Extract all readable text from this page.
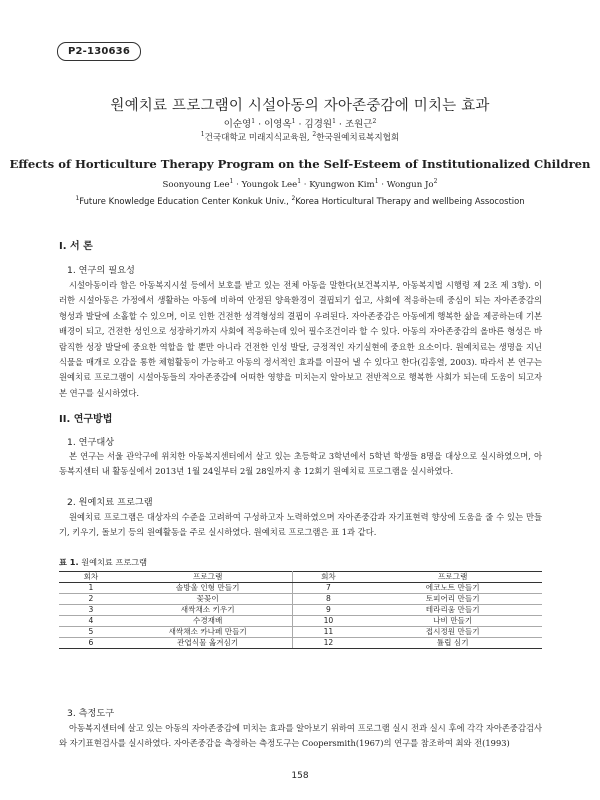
P2-130636
원예치료 프로그램이 시설아동의 자아존중감에 미치는 효과
이순영$^1$ · 이영옥$^1$ · 김경원$^1$ · 조원근$^2$
$^1$건국대학교 미래지식교육원, $^2$한국원예치료복지협회
Effects of Horticulture Therapy Program on the Self-Esteem of Institutionalized Children
Soonyoung Lee$^1$ · Youngok Lee$^1$ · Kyungwon Kim$^1$ · Wongun Jo$^2$
$^1$Future Knowledge Education Center Konkuk Univ., $^2$Korea Horticultural Therapy and wellbeing Assocostion
I. 서 론
1. 연구의 필요성
시설아동이라 함은 아동복지시설 등에서 보호를 받고 있는 전체 아동을 말한다(보건복지부, 아동복지법 시행령 제 2조 제 3항). 이러한 시설아동은 가정에서 생활하는 아동에 비하여 안정된 양육환경이 결핍되기 쉽고, 사회에 적응하는데 중심이 되는 자아존중감의 형성과 발달에 소홀할 수 있으며, 이로 인한 건전한 성격형성의 결핍이 우려된다. 자아존중감은 아동에게 행복한 삶을 제공하는데 기본 배경이 되고, 건전한 성인으로 성장하기까지 사회에 적응하는데 있어 필수조건이라 할 수 있다. 아동의 자아존중감의 올바른 형성은 바람직한 성장 발달에 중요한 역할을 할 뿐만 아니라 건전한 인성 발달, 긍정적인 자기실현에 중요한 요소이다. 원예치료는 생명을 지닌 식물을 매개로 오감을 통한 체험활동이 가능하고 아동의 정서적인 효과를 이끌어 낼 수 있다고 한다(김홍열, 2003). 따라서 본 연구는 원예치료 프로그램이 시설아동들의 자아존중감에 어떠한 영향을 미치는지 알아보고 전반적으로 행복한 사회가 되는데 도움이 되고자 본 연구를 실시하였다.
II. 연구방법
1. 연구대상
본 연구는 서울 관악구에 위치한 아동복지센터에서 살고 있는 초등학교 3학년에서 5학년 학생들 8명을 대상으로 실시하였으며, 아동복지센터 내 활동실에서 2013년 1월 24일부터 2월 28일까지 총 12회기 원예치료 프로그램을 실시하였다.
2. 원예치료 프로그램
원예치료 프로그램은 대상자의 수준을 고려하여 구성하고자 노력하였으며 자아존중감과 자기표현력 향상에 도움을 줄 수 있는 만들기, 키우기, 돌보기 등의 원예활동을 주로 실시하였다. 원예치료 프로그램은 표 1과 같다.
표 1. 원예치료 프로그램
회차	프로그램	회차	프로그램
1	솔방울 인형 만들기	7	에코노트 만들기
2	꽃꽂이	8	토피어리 만들기
3	새싹채소 키우기	9	테라리움 만들기
4	수경재배	10	나비 만들기
5	새싹채소 카나페 만들기	11	접시정원 만들기
6	관엽식물 옮겨심기	12	튤립 심기
3. 측정도구
아동복지센터에 살고 있는 아동의 자아존중감에 미치는 효과를 알아보기 위하여 프로그램 실시 전과 실시 후에 각각 자아존중감검사와 자기표현검사를 실시하였다. 자아존중감을 측정하는 측정도구는 Coopersmith(1967)의 연구를 참조하여 최와 전(1993)
158
